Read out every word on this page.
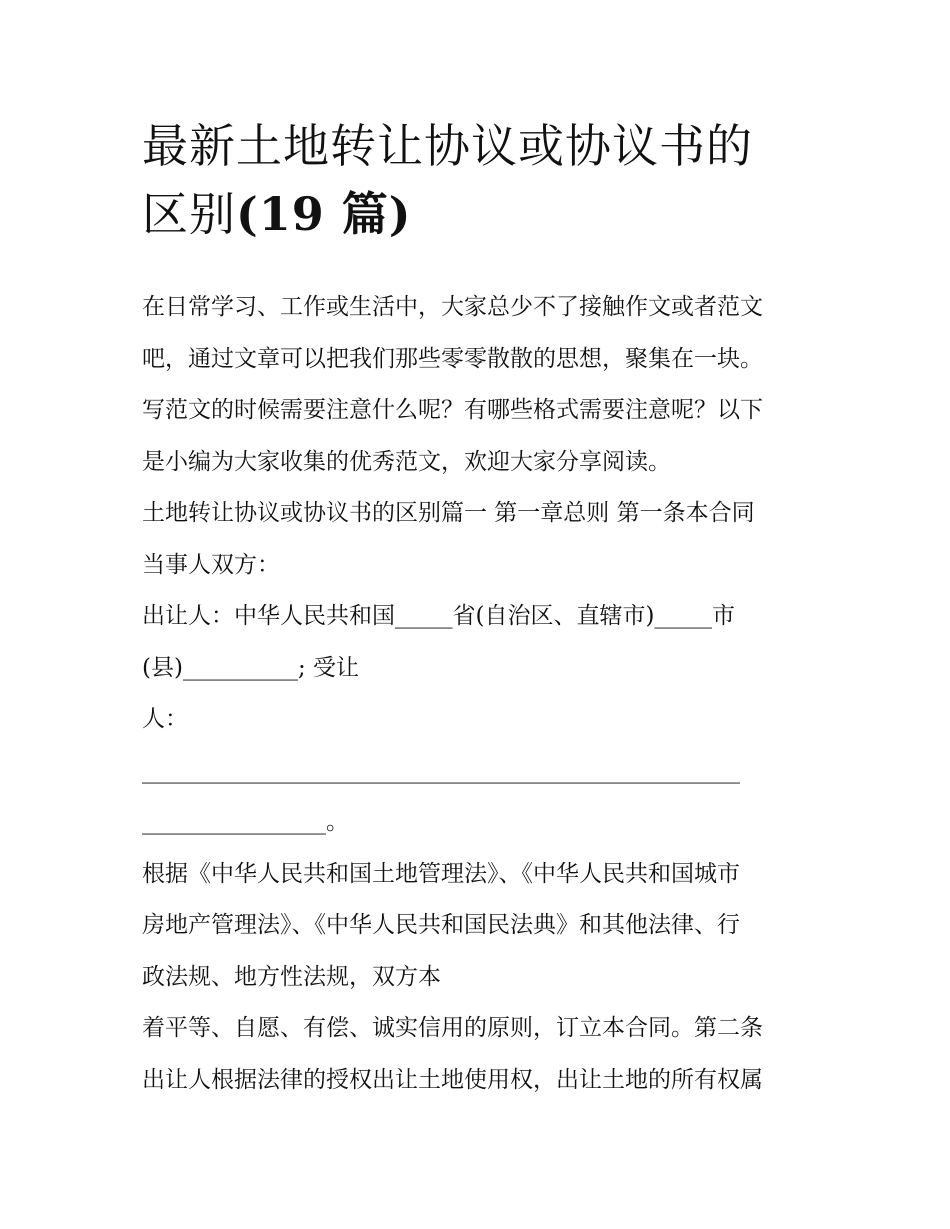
最新土地转让协议或协议书的
区别(19 篇)
在日常学习、工作或生活中，大家总少不了接触作文或者范文
吧，通过文章可以把我们那些零零散散的思想，聚集在一块。
写范文的时候需要注意什么呢？有哪些格式需要注意呢？以下
是小编为大家收集的优秀范文，欢迎大家分享阅读。
土地转让协议或协议书的区别篇一 第一章总则 第一条本合同
当事人双方：
出让人：中华人民共和国_____省(自治区、直辖市)_____市
(县)__________; 受让
人：
____________________________________________________
________________。
根据《中华人民共和国土地管理法》、《中华人民共和国城市
房地产管理法》、《中华人民共和国民法典》和其他法律、行
政法规、地方性法规，双方本
着平等、自愿、有偿、诚实信用的原则，订立本合同。第二条
出让人根据法律的授权出让土地使用权，出让土地的所有权属
